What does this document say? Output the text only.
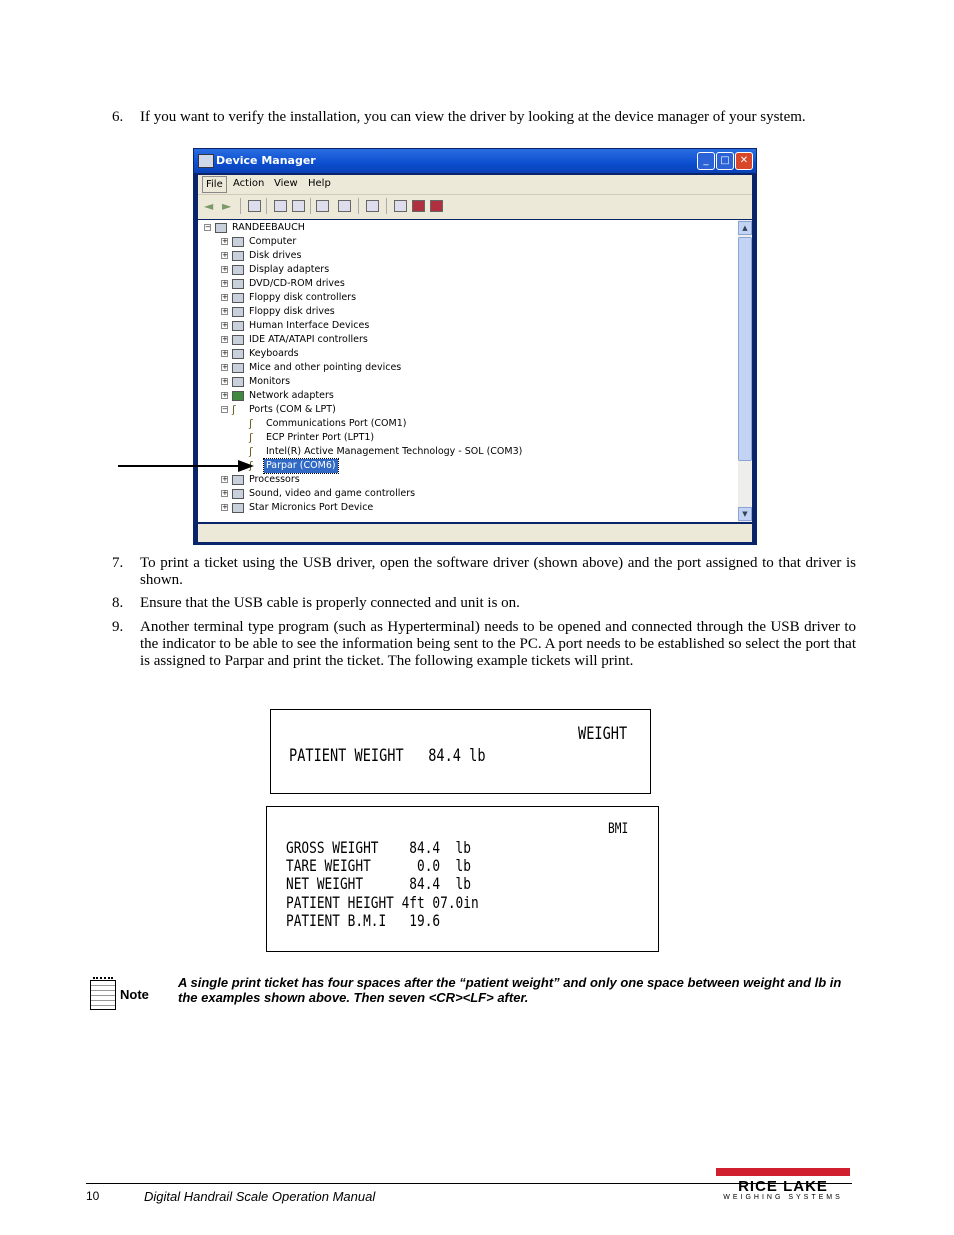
6. If you want to verify the installation, you can view the driver by looking at the device manager of your system.
Device Manager	_	□	✕
File	Action View Help
◄ ►
− RANDEEBAUCH
+ Computer
+ Disk drives
+ Display adapters
+ DVD/CD-ROM drives
+ Floppy disk controllers
+ Floppy disk drives
+ Human Interface Devices
+ IDE ATA/ATAPI controllers
+ Keyboards
+ Mice and other pointing devices
+ Monitors
+ Network adapters
− ʃ	Ports (COM & LPT)
ʃ	Communications Port (COM1)
ʃ	ECP Printer Port (LPT1)
ʃ	Intel(R) Active Management Technology - SOL (COM3)
ʃ	Parpar (COM6)
+ Processors
+ Sound, video and game controllers
+ Star Micronics Port Device
▲
▼
7. To print a ticket using the USB driver, open the software driver (shown above) and the port assigned to that driver is shown.
8. Ensure that the USB cable is properly connected and unit is on.
9. Another terminal type program (such as Hyperterminal) needs to be opened and connected through the USB driver to the indicator to be able to see the information being sent to the PC. A port needs to be established so select the port that is assigned to Parpar and print the ticket. The following example tickets will print.
WEIGHT
PATIENT WEIGHT   84.4 lb
BMI
GROSS WEIGHT    84.4  lb
TARE WEIGHT      0.0  lb
NET WEIGHT      84.4  lb
PATIENT HEIGHT 4ft 07.0in
PATIENT B.M.I   19.6
Note
A single print ticket has four spaces after the “patient weight” and only one space between weight and lb in the examples shown above. Then seven <CR><LF> after.
10	Digital Handrail Scale Operation Manual
RICE LAKE
WEIGHING SYSTEMS
